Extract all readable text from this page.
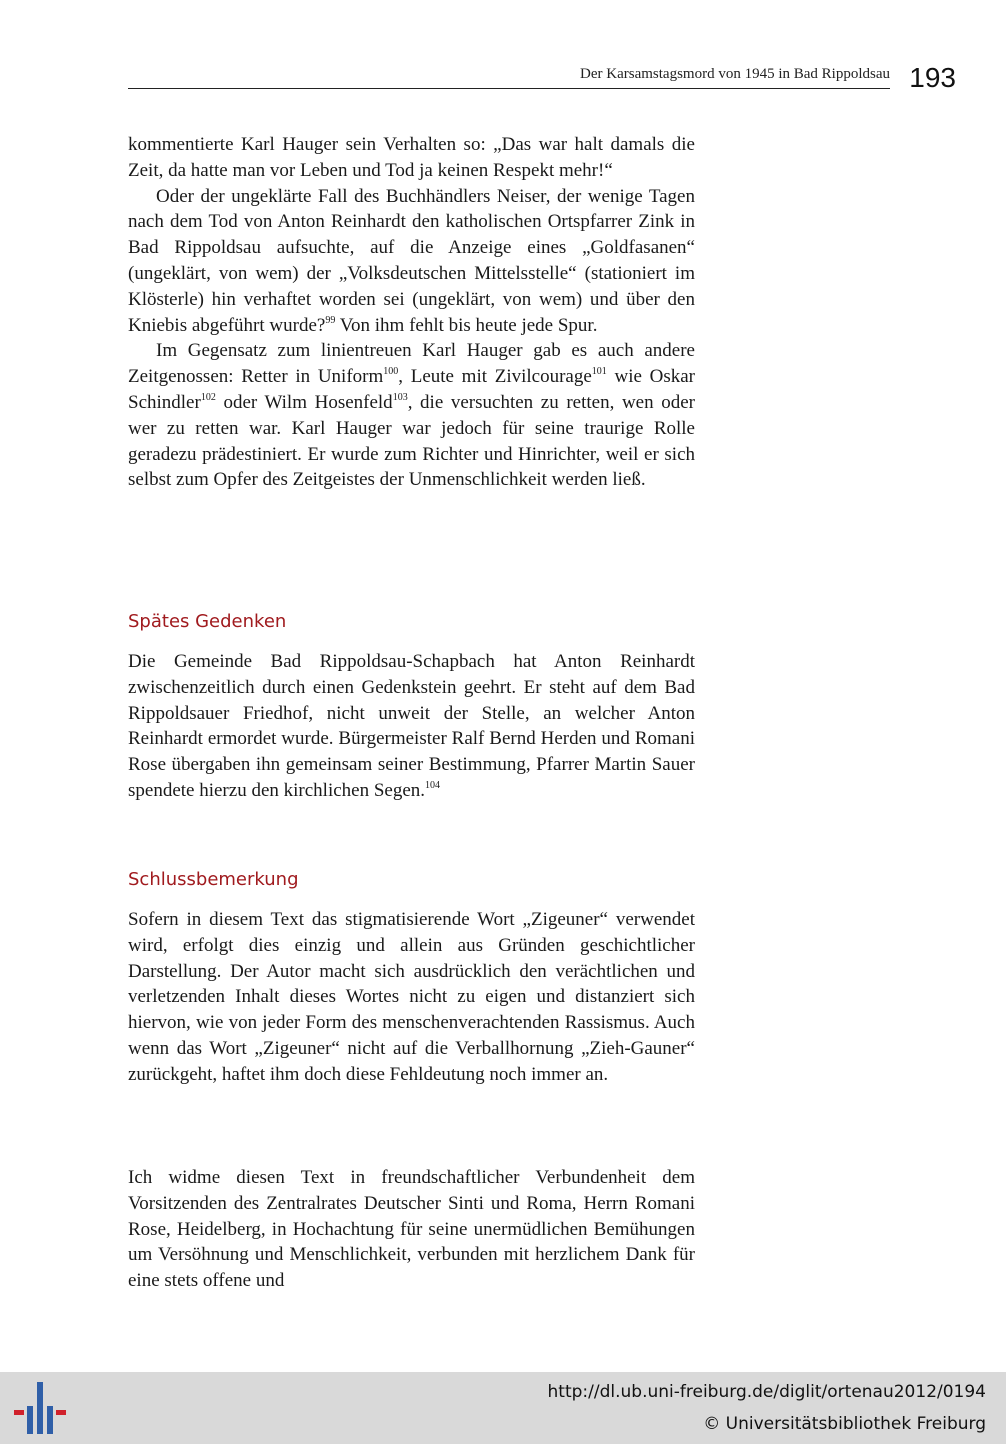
Der Karsamstagsmord von 1945 in Bad Rippoldsau 193

kommentierte Karl Hauger sein Verhalten so: „Das war halt damals die Zeit, da hatte man vor Leben und Tod ja keinen Respekt mehr!“

Oder der ungeklärte Fall des Buchhändlers Neiser, der wenige Tagen nach dem Tod von Anton Reinhardt den katholischen Ortspfarrer Zink in Bad Rippoldsau aufsuchte, auf die Anzeige eines „Goldfasanen“ (ungeklärt, von wem) der „Volksdeutschen Mittelsstelle“ (stationiert im Klösterle) hin verhaftet worden sei (ungeklärt, von wem) und über den Kniebis abgeführt wurde?$^{99}$ Von ihm fehlt bis heute jede Spur.

Im Gegensatz zum linientreuen Karl Hauger gab es auch andere Zeitgenossen: Retter in Uniform$^{100}$, Leute mit Zivilcourage$^{101}$ wie Oskar Schindler$^{102}$ oder Wilm Hosenfeld$^{103}$, die versuchten zu retten, wen oder wer zu retten war. Karl Hauger war jedoch für seine traurige Rolle geradezu prädestiniert. Er wurde zum Richter und Hinrichter, weil er sich selbst zum Opfer des Zeitgeistes der Unmenschlichkeit werden ließ.

Spätes Gedenken

Die Gemeinde Bad Rippoldsau-Schapbach hat Anton Reinhardt zwischenzeitlich durch einen Gedenkstein geehrt. Er steht auf dem Bad Rippoldsauer Friedhof, nicht unweit der Stelle, an welcher Anton Reinhardt ermordet wurde. Bürgermeister Ralf Bernd Herden und Romani Rose übergaben ihn gemeinsam seiner Bestimmung, Pfarrer Martin Sauer spendete hierzu den kirchlichen Segen.$^{104}$

Schlussbemerkung

Sofern in diesem Text das stigmatisierende Wort „Zigeuner“ verwendet wird, erfolgt dies einzig und allein aus Gründen geschichtlicher Darstellung. Der Autor macht sich ausdrücklich den verächtlichen und verletzenden Inhalt dieses Wortes nicht zu eigen und distanziert sich hiervon, wie von jeder Form des menschenverachtenden Rassismus. Auch wenn das Wort „Zigeuner“ nicht auf die Verballhornung „Zieh-Gauner“ zurückgeht, haftet ihm doch diese Fehldeutung noch immer an.

Ich widme diesen Text in freundschaftlicher Verbundenheit dem Vorsitzenden des Zentralrates Deutscher Sinti und Roma, Herrn Romani Rose, Heidelberg, in Hochachtung für seine unermüdlichen Bemühungen um Versöhnung und Menschlichkeit, verbunden mit herzlichem Dank für eine stets offene und

http://dl.ub.uni-freiburg.de/diglit/ortenau2012/0194
© Universitätsbibliothek Freiburg
